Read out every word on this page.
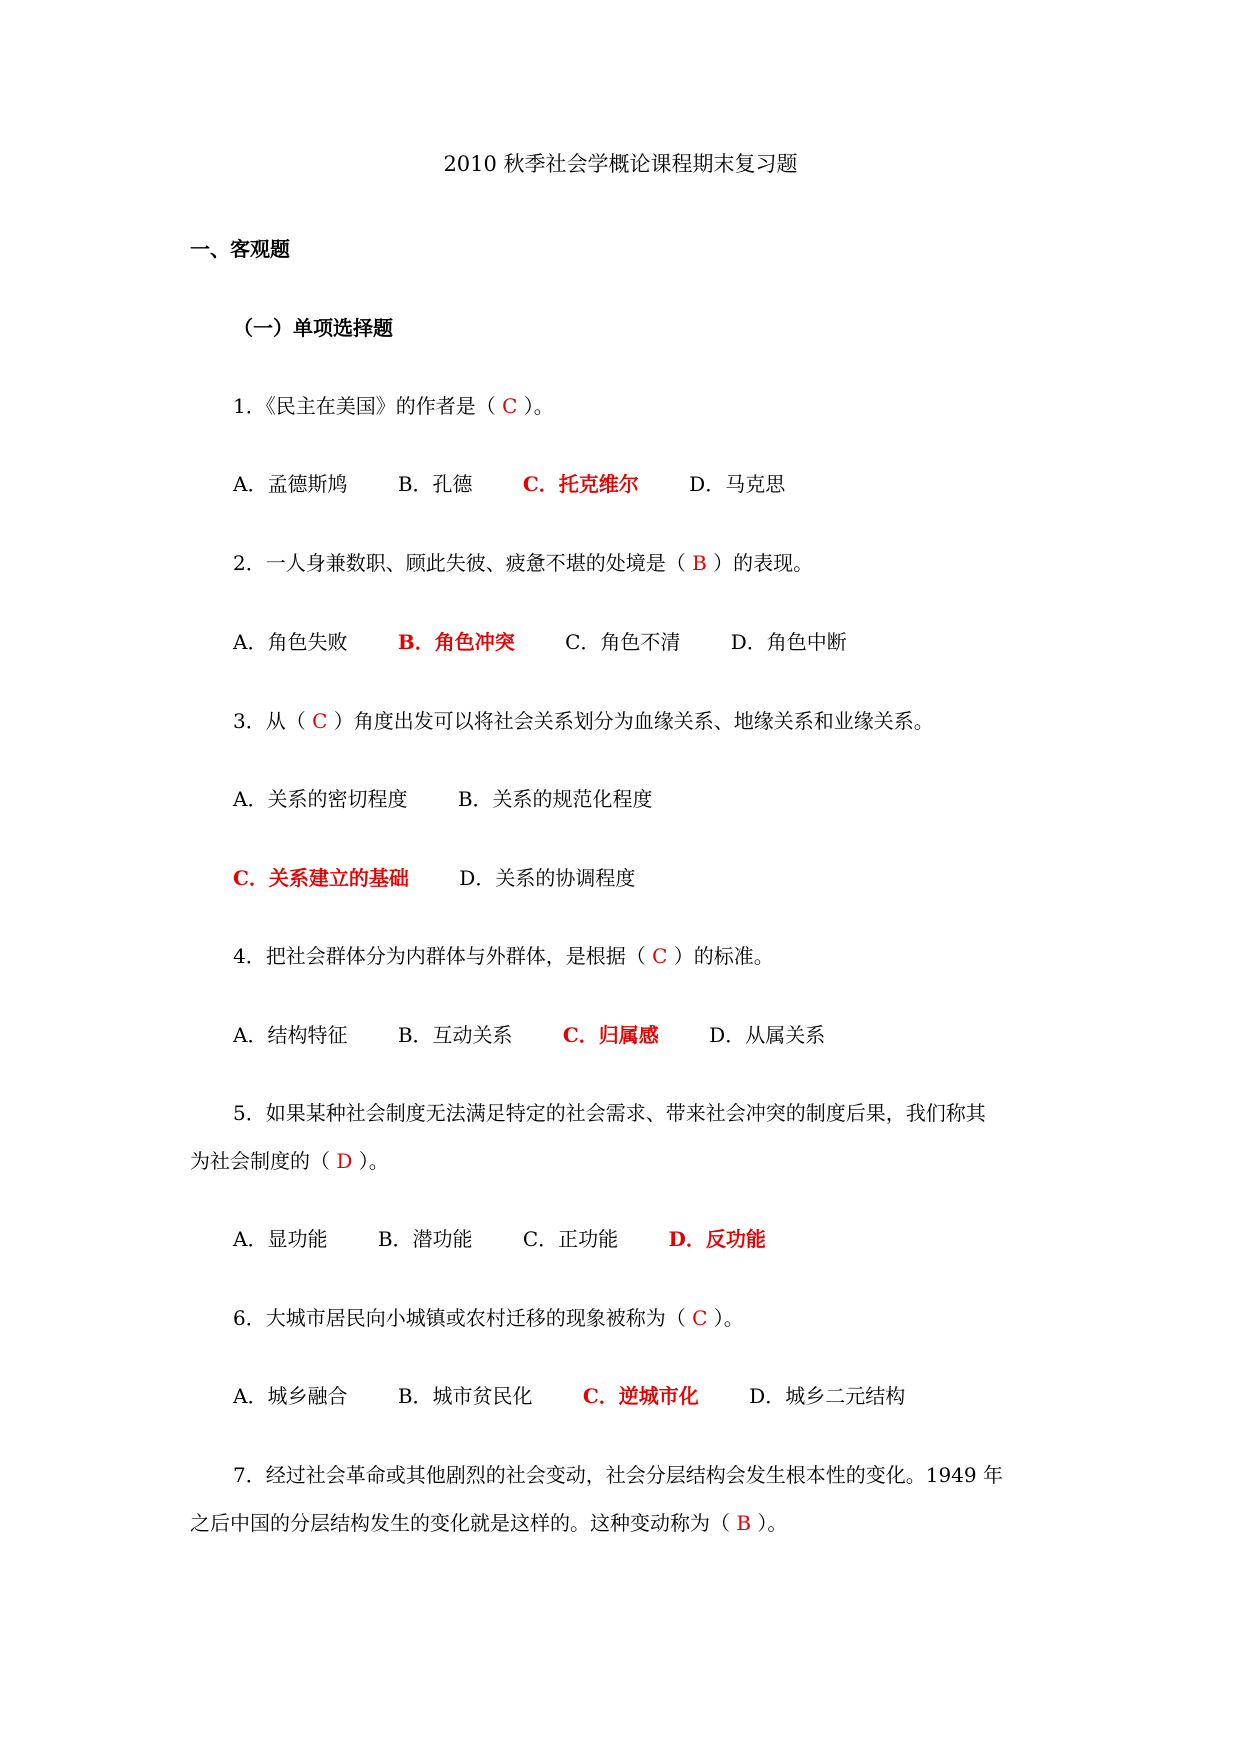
2010 秋季社会学概论课程期末复习题
一、客观题
（一）单项选择题
1．《民主在美国》的作者是（ C ）。
A．孟德斯鸠	B．孔德	C．托克维尔	D．马克思
2．一人身兼数职、顾此失彼、疲惫不堪的处境是（ B ）的表现。
A．角色失败	B．角色冲突	C．角色不清	D．角色中断
3．从（ C ）角度出发可以将社会关系划分为血缘关系、地缘关系和业缘关系。
A．关系的密切程度	B．关系的规范化程度
C．关系建立的基础	D．关系的协调程度
4．把社会群体分为内群体与外群体，是根据（ C ）的标准。
A．结构特征	B．互动关系	C．归属感	D．从属关系
5．如果某种社会制度无法满足特定的社会需求、带来社会冲突的制度后果，我们称其
为社会制度的（ D ）。
A．显功能	B．潜功能	C．正功能	D．反功能
6．大城市居民向小城镇或农村迁移的现象被称为（ C ）。
A．城乡融合	B．城市贫民化	C．逆城市化	D．城乡二元结构
7．经过社会革命或其他剧烈的社会变动，社会分层结构会发生根本性的变化。1949 年
之后中国的分层结构发生的变化就是这样的。这种变动称为（ B ）。
